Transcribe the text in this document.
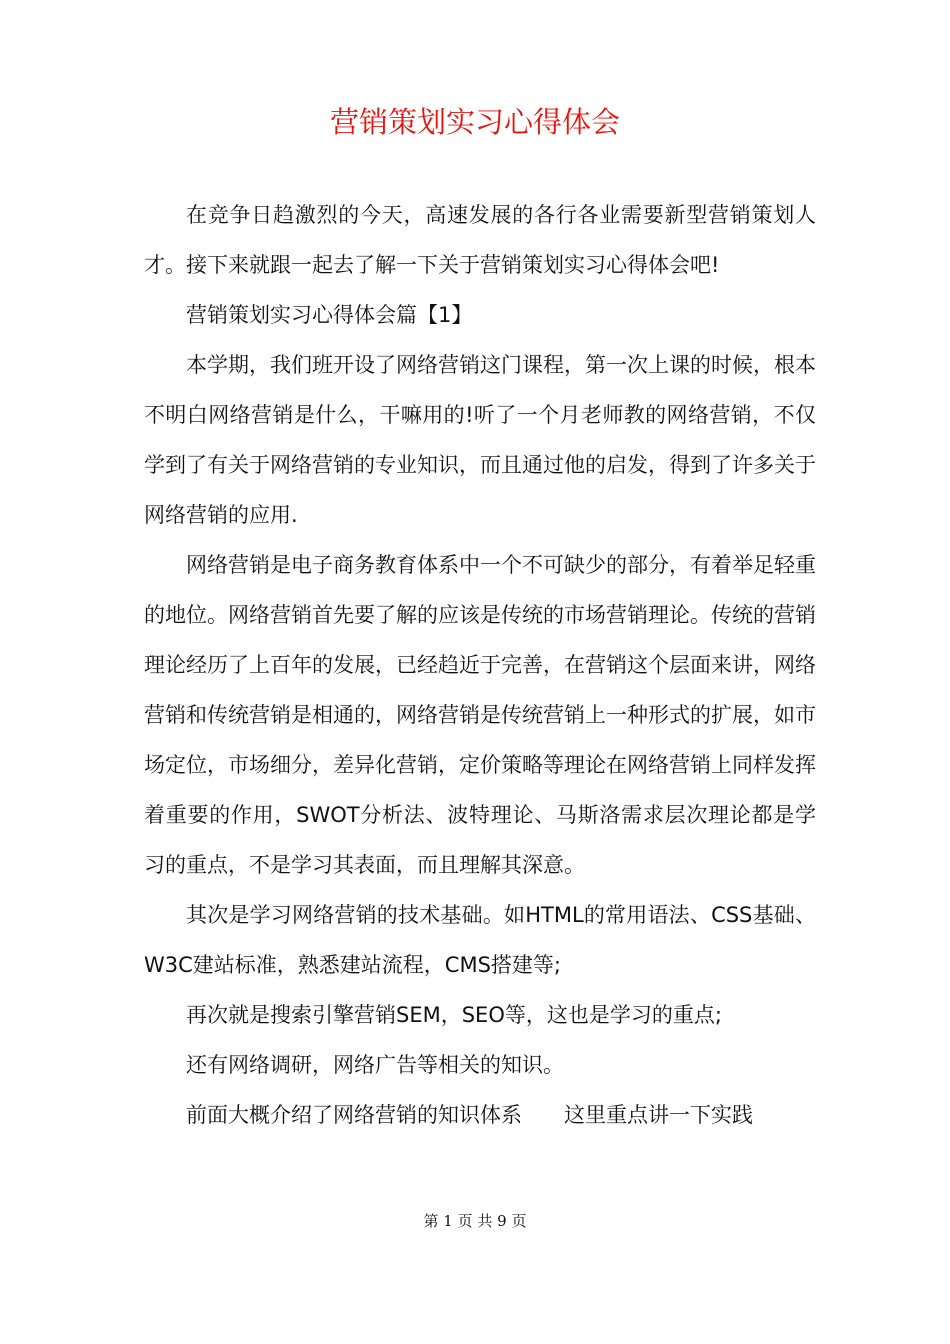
营销策划实习心得体会

在竞争日趋激烈的今天，高速发展的各行各业需要新型营销策划人才。接下来就跟一起去了解一下关于营销策划实习心得体会吧!

营销策划实习心得体会篇【1】

本学期，我们班开设了网络营销这门课程，第一次上课的时候，根本不明白网络营销是什么，干嘛用的!听了一个月老师教的网络营销，不仅学到了有关于网络营销的专业知识，而且通过他的启发，得到了许多关于网络营销的应用.

网络营销是电子商务教育体系中一个不可缺少的部分，有着举足轻重的地位。网络营销首先要了解的应该是传统的市场营销理论。传统的营销理论经历了上百年的发展，已经趋近于完善，在营销这个层面来讲，网络营销和传统营销是相通的，网络营销是传统营销上一种形式的扩展，如市场定位，市场细分，差异化营销，定价策略等理论在网络营销上同样发挥着重要的作用，SWOT分析法、波特理论、马斯洛需求层次理论都是学习的重点，不是学习其表面，而且理解其深意。

其次是学习网络营销的技术基础。如HTML的常用语法、CSS基础、W3C建站标准，熟悉建站流程，CMS搭建等;

再次就是搜索引擎营销SEM，SEO等，这也是学习的重点;

还有网络调研，网络广告等相关的知识。

前面大概介绍了网络营销的知识体系　　这里重点讲一下实践

第 1 页 共 9 页
